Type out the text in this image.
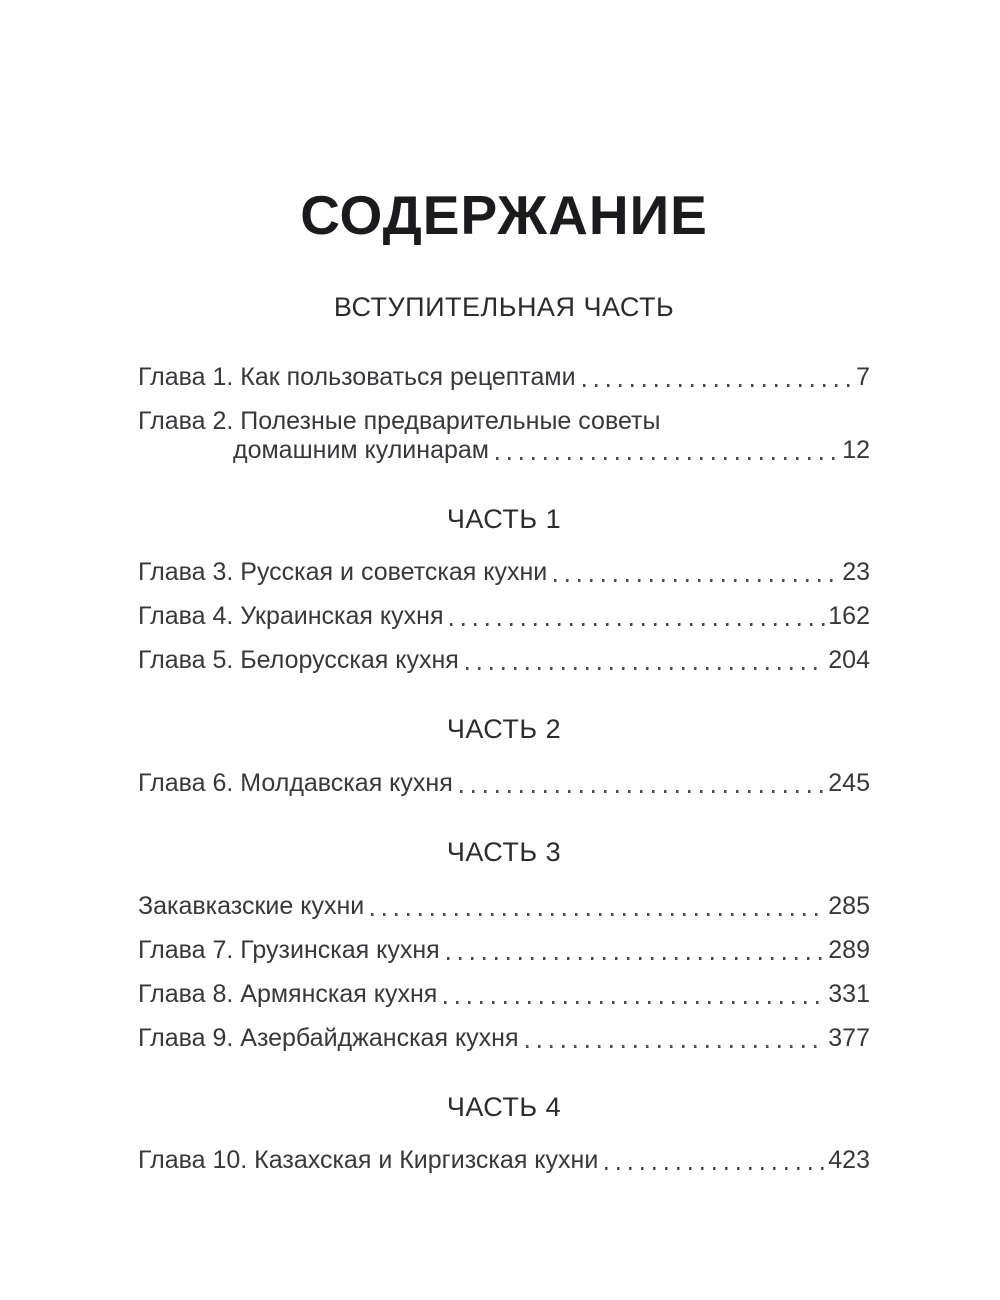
СОДЕРЖАНИЕ
ВСТУПИТЕЛЬНАЯ ЧАСТЬ
Глава 1. Как пользоваться рецептами	7
Глава 2. Полезные предварительные советы
домашним кулинарам	12
ЧАСТЬ 1
Глава 3. Русская и советская кухни	23
Глава 4. Украинская кухня	162
Глава 5. Белорусская кухня	204
ЧАСТЬ 2
Глава 6. Молдавская кухня	245
ЧАСТЬ 3
Закавказские кухни	285
Глава 7. Грузинская кухня	289
Глава 8. Армянская кухня	331
Глава 9. Азербайджанская кухня	377
ЧАСТЬ 4
Глава 10. Казахская и Киргизская кухни	423
